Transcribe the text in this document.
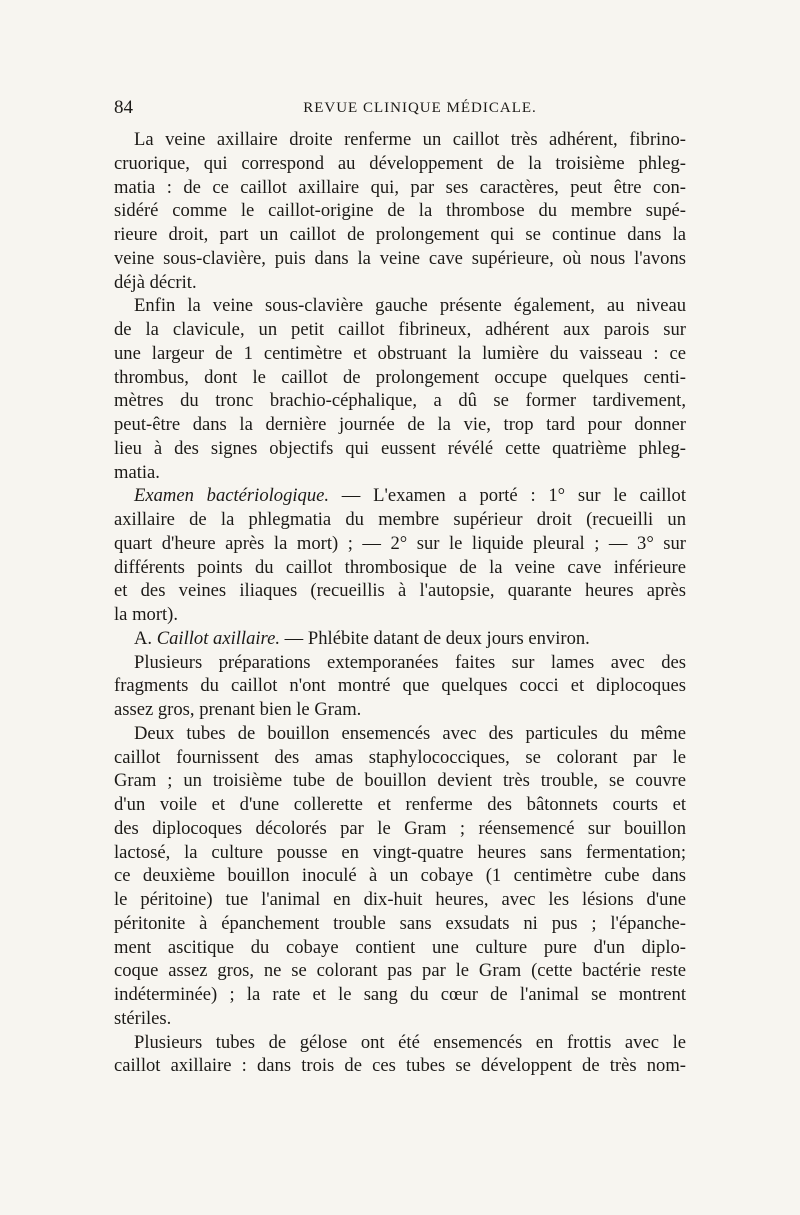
84	REVUE CLINIQUE MÉDICALE.
La veine axillaire droite renferme un caillot très adhérent, fibrino-
cruorique, qui correspond au développement de la troisième phleg-
matia : de ce caillot axillaire qui, par ses caractères, peut être con-
sidéré comme le caillot-origine de la thrombose du membre supé-
rieure droit, part un caillot de prolongement qui se continue dans la
veine sous-clavière, puis dans la veine cave supérieure, où nous l'avons
déjà décrit.
Enfin la veine sous-clavière gauche présente également, au niveau
de la clavicule, un petit caillot fibrineux, adhérent aux parois sur
une largeur de 1 centimètre et obstruant la lumière du vaisseau : ce
thrombus, dont le caillot de prolongement occupe quelques centi-
mètres du tronc brachio-céphalique, a dû se former tardivement,
peut-être dans la dernière journée de la vie, trop tard pour donner
lieu à des signes objectifs qui eussent révélé cette quatrième phleg-
matia.
Examen bactériologique. — L'examen a porté : 1° sur le caillot
axillaire de la phlegmatia du membre supérieur droit (recueilli un
quart d'heure après la mort) ; — 2° sur le liquide pleural ; — 3° sur
différents points du caillot thrombosique de la veine cave inférieure
et des veines iliaques (recueillis à l'autopsie, quarante heures après
la mort).
A. Caillot axillaire. — Phlébite datant de deux jours environ.
Plusieurs préparations extemporanées faites sur lames avec des
fragments du caillot n'ont montré que quelques cocci et diplocoques
assez gros, prenant bien le Gram.
Deux tubes de bouillon ensemencés avec des particules du même
caillot fournissent des amas staphylococciques, se colorant par le
Gram ; un troisième tube de bouillon devient très trouble, se couvre
d'un voile et d'une collerette et renferme des bâtonnets courts et
des diplocoques décolorés par le Gram ; réensemencé sur bouillon
lactosé, la culture pousse en vingt-quatre heures sans fermentation;
ce deuxième bouillon inoculé à un cobaye (1 centimètre cube dans
le péritoine) tue l'animal en dix-huit heures, avec les lésions d'une
péritonite à épanchement trouble sans exsudats ni pus ; l'épanche-
ment ascitique du cobaye contient une culture pure d'un diplo-
coque assez gros, ne se colorant pas par le Gram (cette bactérie reste
indéterminée) ; la rate et le sang du cœur de l'animal se montrent
stériles.
Plusieurs tubes de gélose ont été ensemencés en frottis avec le
caillot axillaire : dans trois de ces tubes se développent de très nom-
